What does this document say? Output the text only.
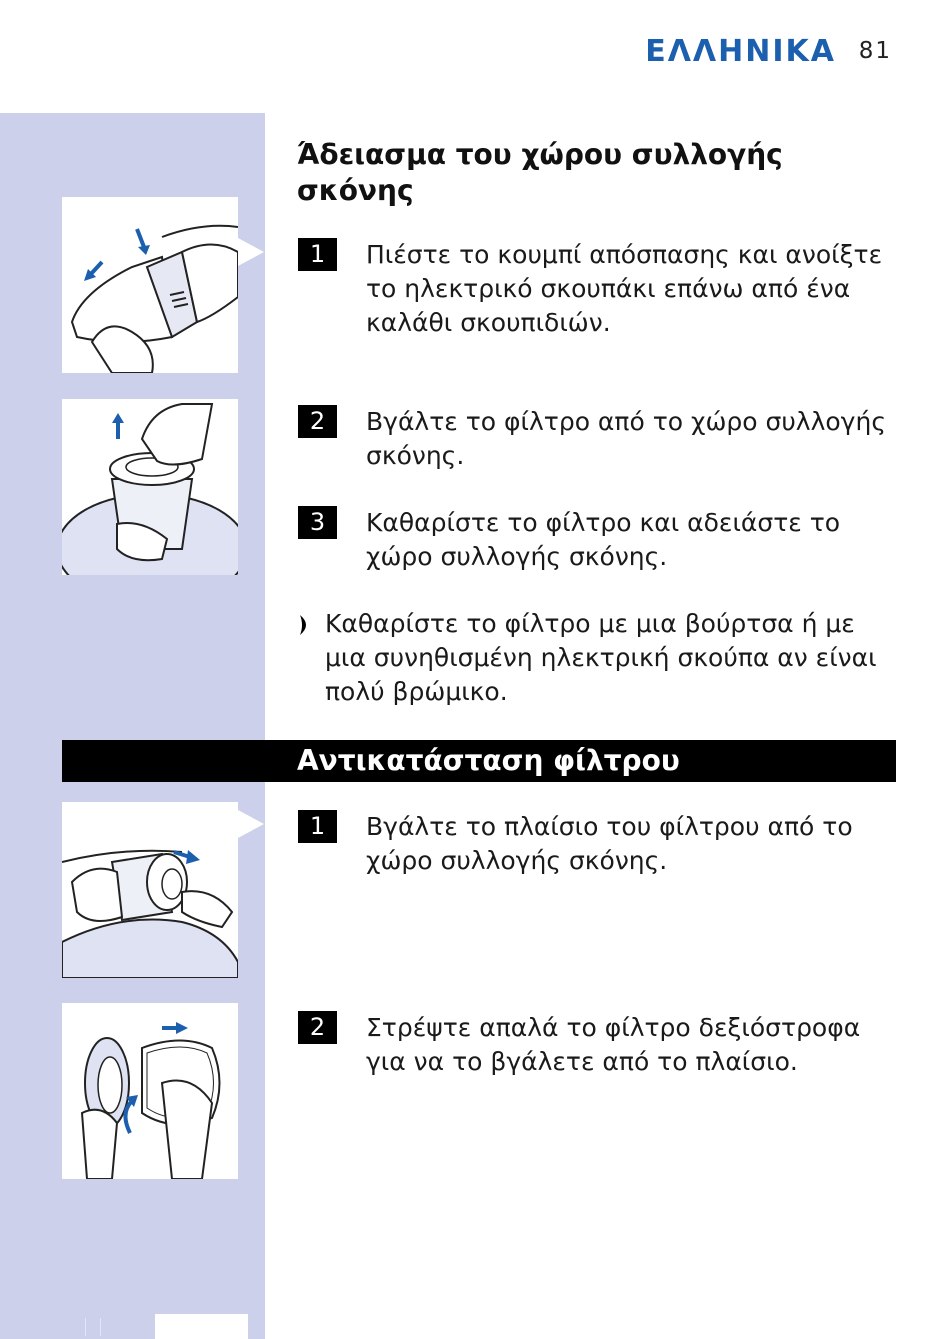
ΕΛΛΗΝΙΚΑ 81
Άδειασμα του χώρου συλλογής σκόνης
1	Πιέστε το κουμπί απόσπασης και ανοίξτε το ηλεκτρικό σκουπάκι επάνω από ένα καλάθι σκουπιδιών.
2	Βγάλτε το φίλτρο από το χώρο συλλογής σκόνης.
3	Καθαρίστε το φίλτρο και αδειάστε το χώρο συλλογής σκόνης.
Καθαρίστε το φίλτρο με μια βούρτσα ή με μια συνηθισμένη ηλεκτρική σκούπα αν είναι πολύ βρώμικο.
Αντικατάσταση φίλτρου
1	Βγάλτε το πλαίσιο του φίλτρου από το χώρο συλλογής σκόνης.
2	Στρέψτε απαλά το φίλτρο δεξιόστροφα για να το βγάλετε από το πλαίσιο.
